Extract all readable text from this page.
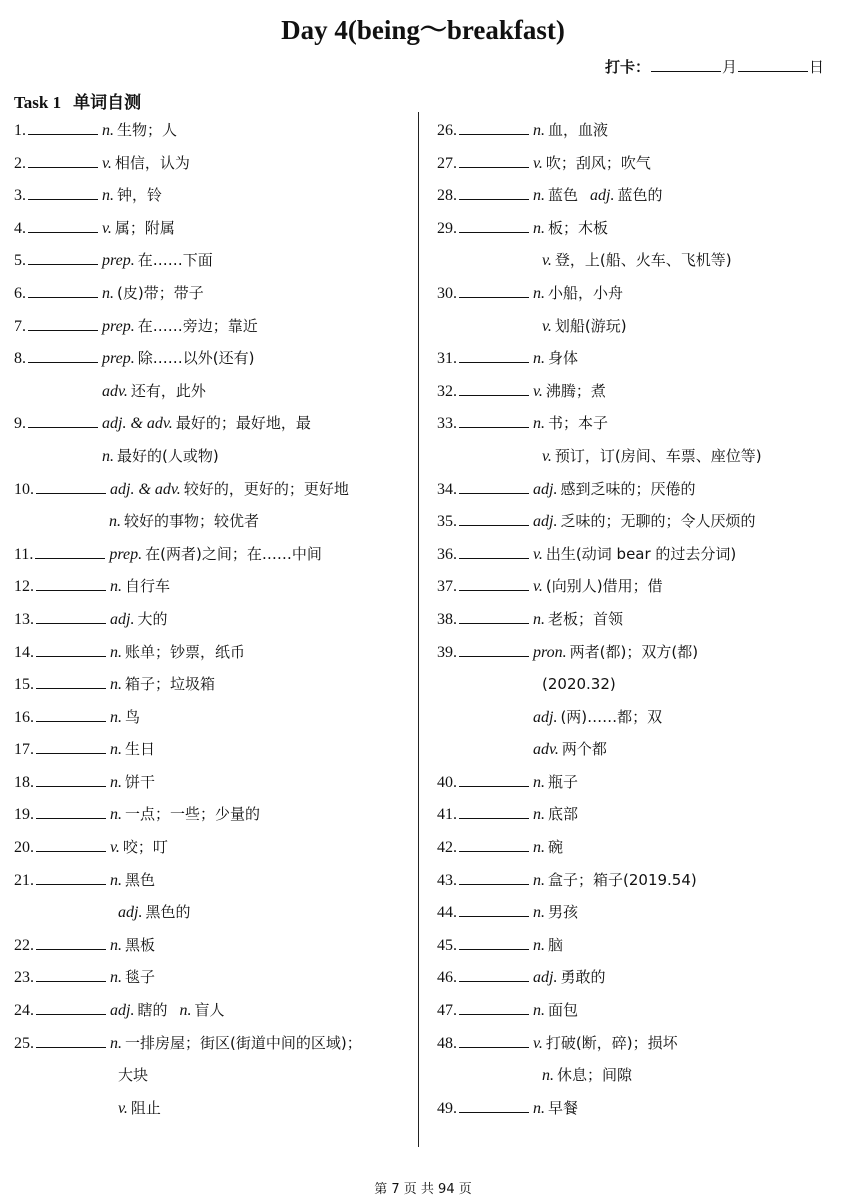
Day 4(being～breakfast)
打卡：	月	日
Task 1 单词自测
1.	n. 生物；人
2.	v. 相信，认为
3.	n. 钟，铃
4.	v. 属；附属
5.	prep. 在……下面
6.	n. (皮)带；带子
7.	prep. 在……旁边；靠近
8.	prep. 除……以外(还有)
adv. 还有，此外
9.	adj. & adv. 最好的；最好地，最
n. 最好的(人或物)
10.	adj. & adv. 较好的，更好的；更好地
n. 较好的事物；较优者
11.	prep. 在(两者)之间；在……中间
12.	n. 自行车
13.	adj. 大的
14.	n. 账单；钞票，纸币
15.	n. 箱子；垃圾箱
16.	n. 鸟
17.	n. 生日
18.	n. 饼干
19.	n. 一点；一些；少量的
20.	v. 咬；叮
21.	n. 黑色
adj. 黑色的
22.	n. 黑板
23.	n. 毯子
24.	adj. 瞎的 n. 盲人
25.	n. 一排房屋；街区(街道中间的区域)；
大块
v. 阻止
26.	n. 血，血液
27.	v. 吹；刮风；吹气
28.	n. 蓝色 adj. 蓝色的
29.	n. 板；木板
v. 登，上(船、火车、飞机等)
30.	n. 小船，小舟
v. 划船(游玩)
31.	n. 身体
32.	v. 沸腾；煮
33.	n. 书；本子
v. 预订，订(房间、车票、座位等)
34.	adj. 感到乏味的；厌倦的
35.	adj. 乏味的；无聊的；令人厌烦的
36.	v. 出生(动词 bear 的过去分词)
37.	v. (向别人)借用；借
38.	n. 老板；首领
39.	pron. 两者(都)；双方(都)
(2020.32)
adj. (两)……都；双
adv. 两个都
40.	n. 瓶子
41.	n. 底部
42.	n. 碗
43.	n. 盒子；箱子(2019.54)
44.	n. 男孩
45.	n. 脑
46.	adj. 勇敢的
47.	n. 面包
48.	v. 打破(断，碎)；损坏
n. 休息；间隙
49.	n. 早餐
第 7 页 共 94 页
